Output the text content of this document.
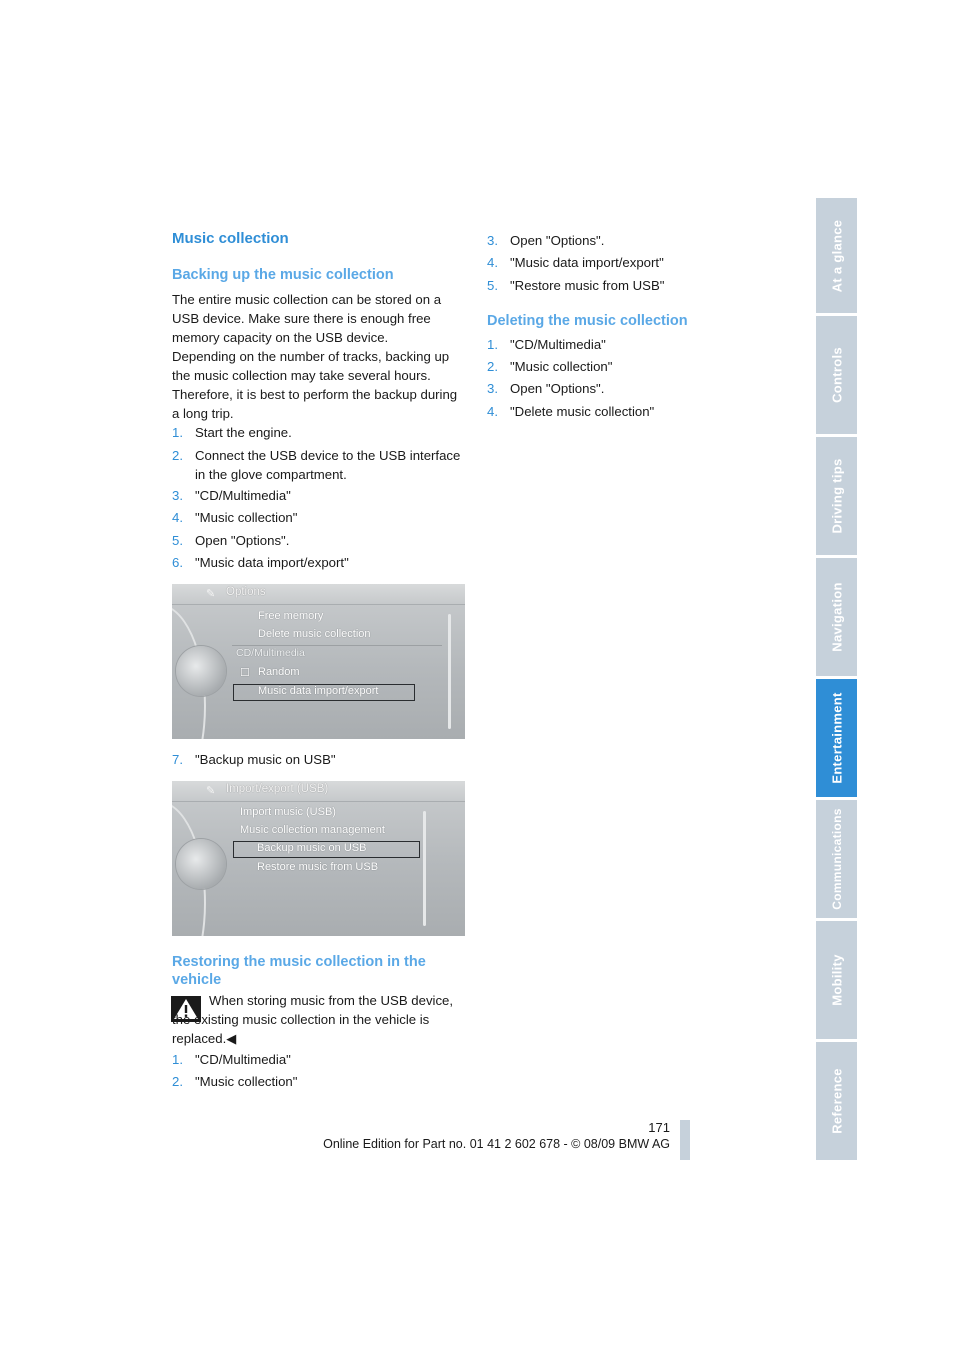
Music collection
Backing up the music collection
The entire music collection can be stored on a USB device. Make sure there is enough free memory capacity on the USB device.
Depending on the number of tracks, backing up the music collection may take several hours. Therefore, it is best to perform the backup during a long trip.
1. Start the engine.
2. Connect the USB device to the USB interface in the glove compartment.
3. "CD/Multimedia"
4. "Music collection"
5. Open "Options".
6. "Music data import/export"
✎ Options
Free memory
Delete music collection
CD/Multimedia
☐ Random
Music data import/export
7. "Backup music on USB"
✎ Import/export (USB)
Import music (USB)
Music collection management
Backup music on USB
Restore music from USB
Restoring the music collection in the vehicle
When storing music from the USB device, the existing music collection in the vehicle is replaced.◀
1. "CD/Multimedia"
2. "Music collection"
3. Open "Options".
4. "Music data import/export"
5. "Restore music from USB"
Deleting the music collection
1. "CD/Multimedia"
2. "Music collection"
3. Open "Options".
4. "Delete music collection"
At a glance
Controls
Driving tips
Navigation
Entertainment
Communications
Mobility
Reference
171
Online Edition for Part no. 01 41 2 602 678 - © 08/09 BMW AG
